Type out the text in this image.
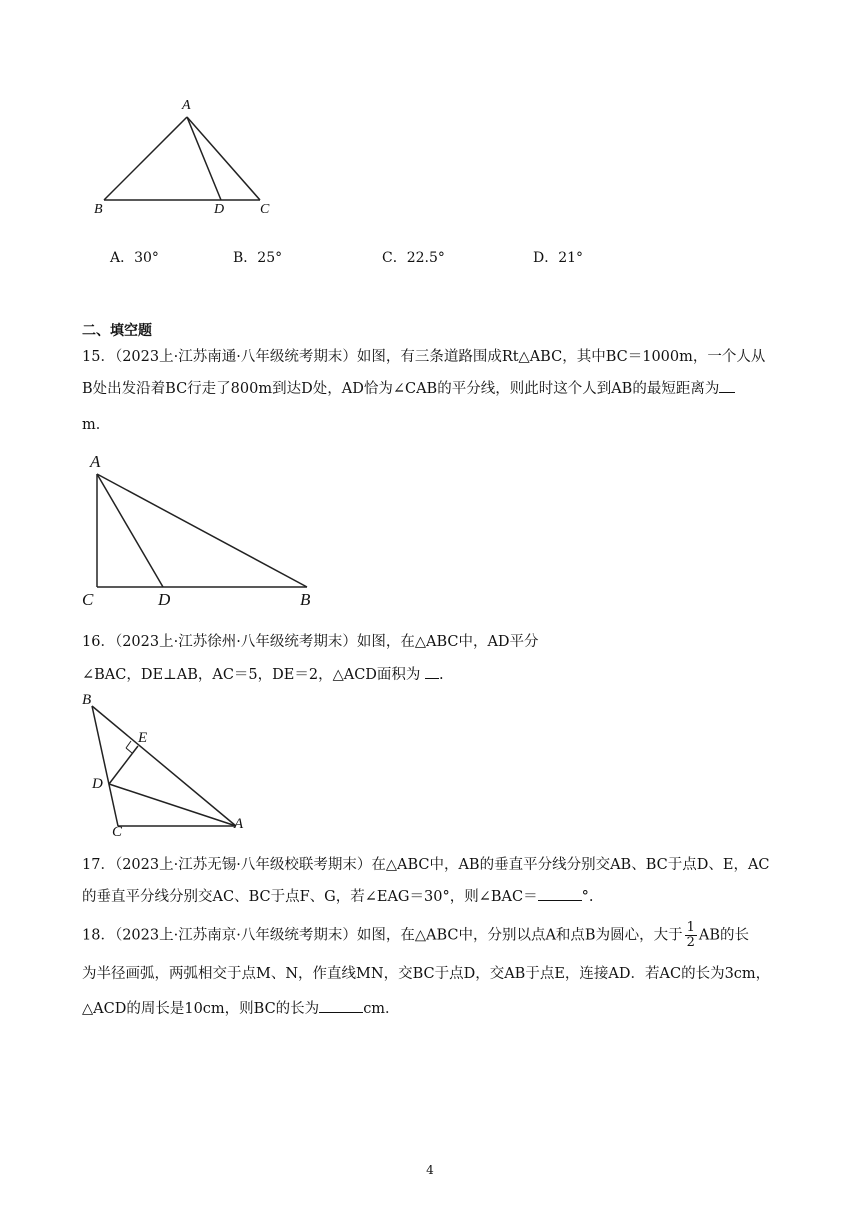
A
B	D	C
A．30°	B．25°	C．22.5°	D．21°
二、填空题
15．（2023上·江苏南通·八年级统考期末）如图，有三条道路围成Rt△ABC，其中BC＝1000m，一个人从
B处出发沿着BC行走了800m到达D处，AD恰为∠CAB的平分线，则此时这个人到AB的最短距离为
m．
A
C	D	B
16．（2023上·江苏徐州·八年级统考期末）如图，在△ABC中，AD平分
∠BAC，DE⊥AB，AC＝5，DE＝2，△ACD面积为 .
B
E
D
C	A
17．（2023上·江苏无锡·八年级校联考期末）在△ABC中，AB的垂直平分线分别交AB、BC于点D、E，AC
的垂直平分线分别交AC、BC于点F、G，若∠EAG＝30°，则∠BAC＝	°.
18．（2023上·江苏南京·八年级统考期末）如图，在△ABC中，分别以点A和点B为圆心，大于 $\frac{1}{2}$ AB的长
为半径画弧，两弧相交于点M、N，作直线MN，交BC于点D，交AB于点E，连接AD．若AC的长为3cm，
△ACD的周长是10cm，则BC的长为	cm．
4
